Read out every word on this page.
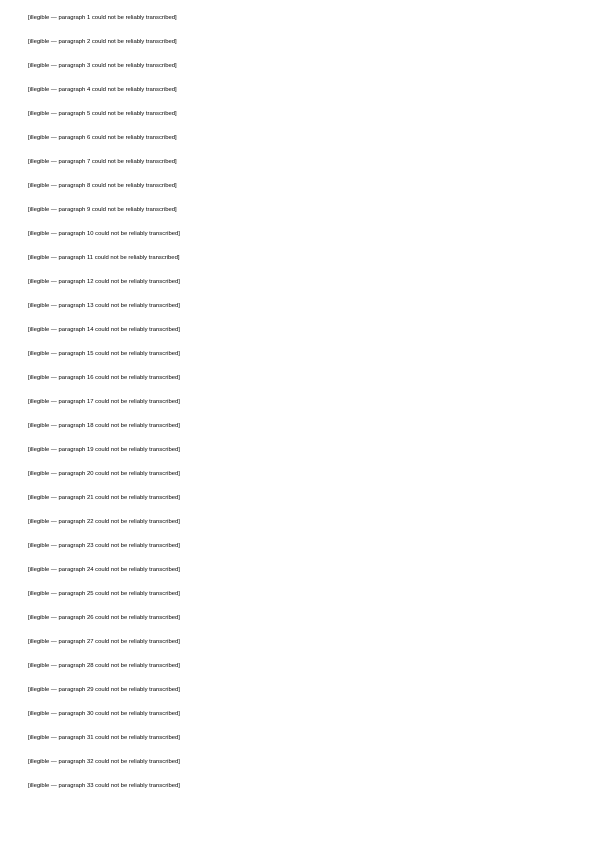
[illegible — paragraph 1 could not be reliably transcribed]

[illegible — paragraph 2 could not be reliably transcribed]

[illegible — paragraph 3 could not be reliably transcribed]

[illegible — paragraph 4 could not be reliably transcribed]

[illegible — paragraph 5 could not be reliably transcribed]

[illegible — paragraph 6 could not be reliably transcribed]

[illegible — paragraph 7 could not be reliably transcribed]

[illegible — paragraph 8 could not be reliably transcribed]

[illegible — paragraph 9 could not be reliably transcribed]

[illegible — paragraph 10 could not be reliably transcribed]

[illegible — paragraph 11 could not be reliably transcribed]

[illegible — paragraph 12 could not be reliably transcribed]

[illegible — paragraph 13 could not be reliably transcribed]

[illegible — paragraph 14 could not be reliably transcribed]

[illegible — paragraph 15 could not be reliably transcribed]

[illegible — paragraph 16 could not be reliably transcribed]

[illegible — paragraph 17 could not be reliably transcribed]

[illegible — paragraph 18 could not be reliably transcribed]

[illegible — paragraph 19 could not be reliably transcribed]

[illegible — paragraph 20 could not be reliably transcribed]

[illegible — paragraph 21 could not be reliably transcribed]

[illegible — paragraph 22 could not be reliably transcribed]

[illegible — paragraph 23 could not be reliably transcribed]

[illegible — paragraph 24 could not be reliably transcribed]

[illegible — paragraph 25 could not be reliably transcribed]

[illegible — paragraph 26 could not be reliably transcribed]

[illegible — paragraph 27 could not be reliably transcribed]

[illegible — paragraph 28 could not be reliably transcribed]

[illegible — paragraph 29 could not be reliably transcribed]

[illegible — paragraph 30 could not be reliably transcribed]

[illegible — paragraph 31 could not be reliably transcribed]

[illegible — paragraph 32 could not be reliably transcribed]

[illegible — paragraph 33 could not be reliably transcribed]
